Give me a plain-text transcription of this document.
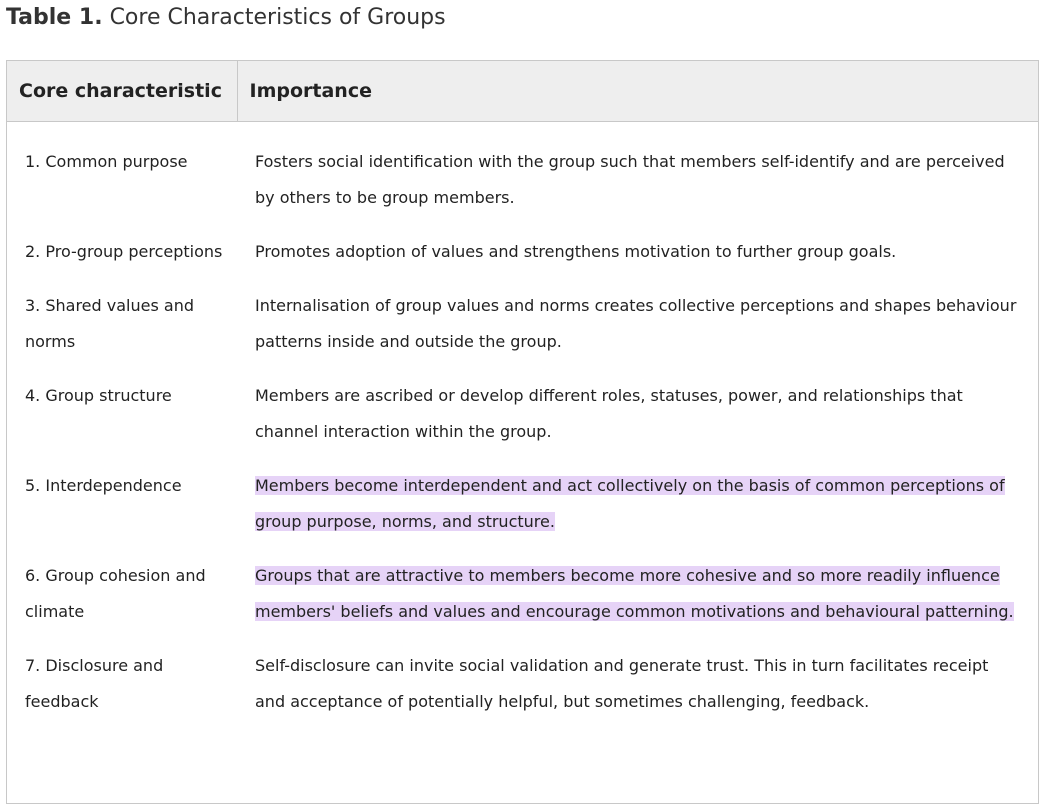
Table 1. Core Characteristics of Groups
Core characteristic	Importance
1. Common purpose	Fosters social identification with the group such that members self-identify and are perceived by others to be group members.
2. Pro-group perceptions	Promotes adoption of values and strengthens motivation to further group goals.
3. Shared values and norms	Internalisation of group values and norms creates collective perceptions and shapes behaviour patterns inside and outside the group.
4. Group structure	Members are ascribed or develop different roles, statuses, power, and relationships that channel interaction within the group.
5. Interdependence	Members become interdependent and act collectively on the basis of common perceptions of group purpose, norms, and structure.
6. Group cohesion and climate	Groups that are attractive to members become more cohesive and so more readily influence members' beliefs and values and encourage common motivations and behavioural patterning.
7. Disclosure and feedback	Self-disclosure can invite social validation and generate trust. This in turn facilitates receipt and acceptance of potentially helpful, but sometimes challenging, feedback.
